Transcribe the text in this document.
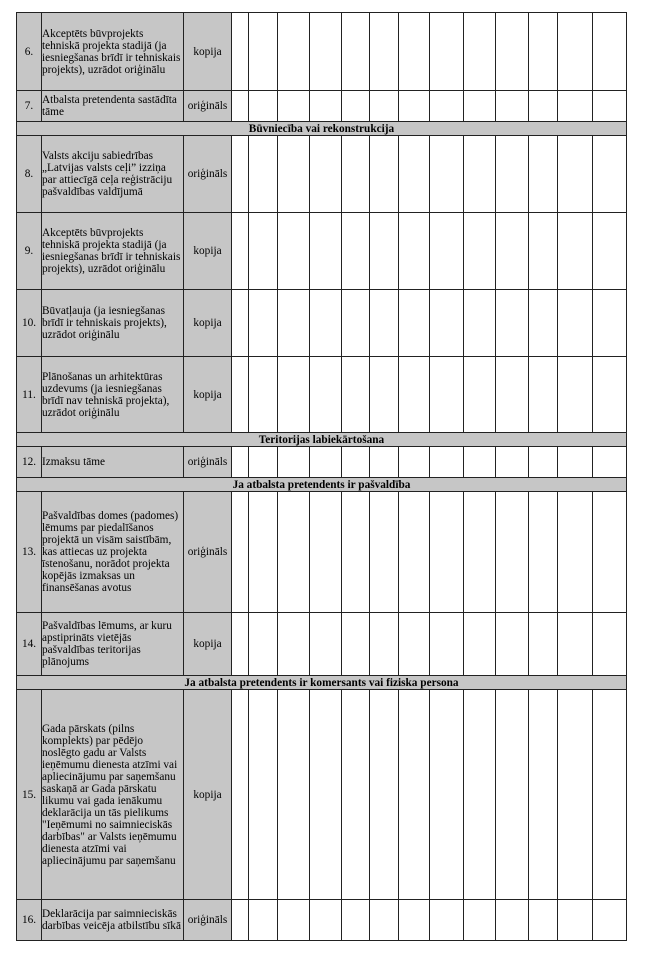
6.	Akceptēts būvprojekts tehniskā projekta stadijā (ja iesniegšanas brīdī ir tehniskais projekts), uzrādot oriģinālu	kopija													
7.	Atbalsta pretendenta sastādīta tāme	oriģināls													
Būvniecība vai rekonstrukcija															
8.	Valsts akciju sabiedrības „Latvijas valsts ceļi” izziņa par attiecīgā ceļa reģistrāciju pašvaldības valdījumā	oriģināls													
9.	Akceptēts būvprojekts tehniskā projekta stadijā (ja iesniegšanas brīdī ir tehniskais projekts), uzrādot oriģinālu	kopija													
10.	Būvatļauja (ja iesniegšanas brīdī ir tehniskais projekts), uzrādot oriģinālu	kopija													
11.	Plānošanas un arhitektūras uzdevums (ja iesniegšanas brīdī nav tehniskā projekta), uzrādot oriģinālu	kopija													
Teritorijas labiekārtošana															
12.	Izmaksu tāme	oriģināls													
Ja atbalsta pretendents ir pašvaldība															
13.	Pašvaldības domes (padomes) lēmums par piedalīšanos projektā un visām saistībām, kas attiecas uz projekta īstenošanu, norādot projekta kopējās izmaksas un finansēšanas avotus	oriģināls													
14.	Pašvaldības lēmums, ar kuru apstiprināts vietējās pašvaldības teritorijas plānojums	kopija													
Ja atbalsta pretendents ir komersants vai fiziska persona															
15.	Gada pārskats (pilns komplekts) par pēdējo noslēgto gadu ar Valsts ieņēmumu dienesta atzīmi vai apliecinājumu par saņemšanu saskaņā ar Gada pārskatu likumu vai gada ienākumu deklarācija un tās pielikums "Ieņēmumi no saimnieciskās darbības" ar Valsts ieņēmumu dienesta atzīmi vai apliecinājumu par saņemšanu	kopija													
16.	Deklarācija par saimnieciskās darbības veicēja atbilstību sīkā	oriģināls													
